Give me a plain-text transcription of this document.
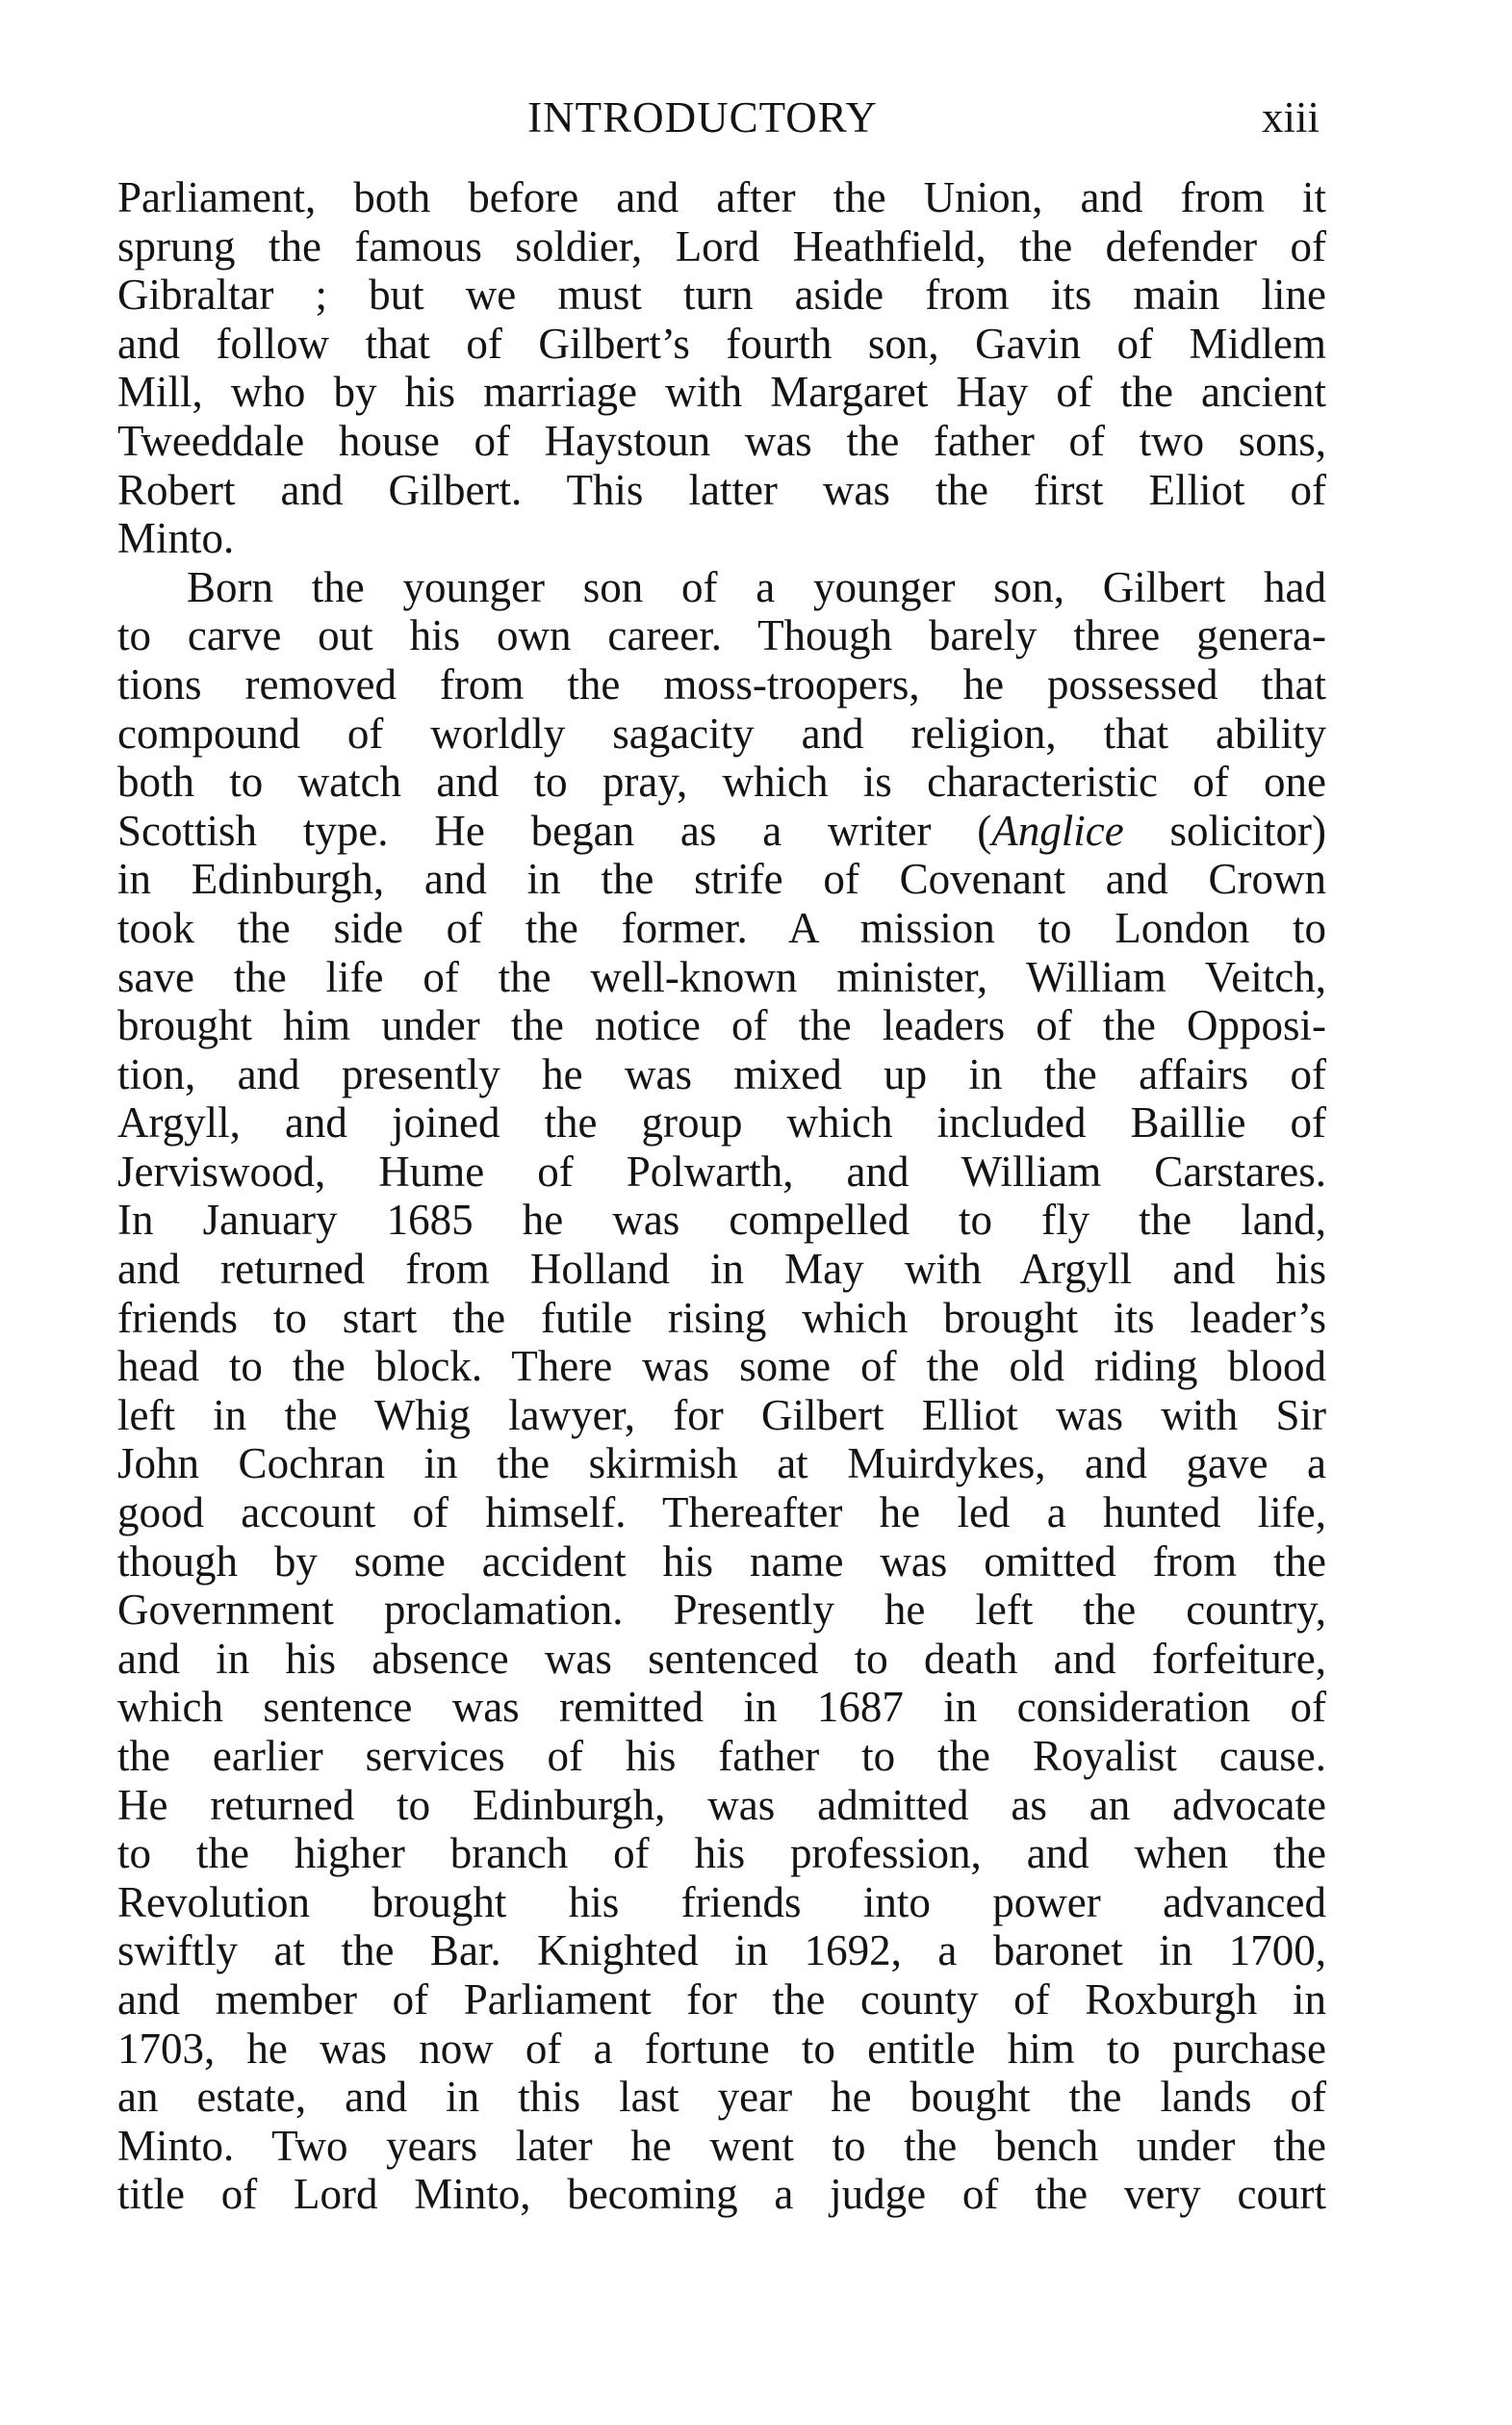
INTRODUCTORY	xiii
Parliament, both before and after the Union, and from it
sprung the famous soldier, Lord Heathfield, the defender of
Gibraltar ; but we must turn aside from its main line
and follow that of Gilbert’s fourth son, Gavin of Midlem
Mill, who by his marriage with Margaret Hay of the ancient
Tweeddale house of Haystoun was the father of two sons,
Robert and Gilbert. This latter was the first Elliot of
Minto.
Born the younger son of a younger son, Gilbert had
to carve out his own career. Though barely three genera-
tions removed from the moss-troopers, he possessed that
compound of worldly sagacity and religion, that ability
both to watch and to pray, which is characteristic of one
Scottish type. He began as a writer (Anglice solicitor)
in Edinburgh, and in the strife of Covenant and Crown
took the side of the former. A mission to London to
save the life of the well-known minister, William Veitch,
brought him under the notice of the leaders of the Opposi-
tion, and presently he was mixed up in the affairs of
Argyll, and joined the group which included Baillie of
Jerviswood, Hume of Polwarth, and William Carstares.
In January 1685 he was compelled to fly the land,
and returned from Holland in May with Argyll and his
friends to start the futile rising which brought its leader’s
head to the block. There was some of the old riding blood
left in the Whig lawyer, for Gilbert Elliot was with Sir
John Cochran in the skirmish at Muirdykes, and gave a
good account of himself. Thereafter he led a hunted life,
though by some accident his name was omitted from the
Government proclamation. Presently he left the country,
and in his absence was sentenced to death and forfeiture,
which sentence was remitted in 1687 in consideration of
the earlier services of his father to the Royalist cause.
He returned to Edinburgh, was admitted as an advocate
to the higher branch of his profession, and when the
Revolution brought his friends into power advanced
swiftly at the Bar. Knighted in 1692, a baronet in 1700,
and member of Parliament for the county of Roxburgh in
1703, he was now of a fortune to entitle him to purchase
an estate, and in this last year he bought the lands of
Minto. Two years later he went to the bench under the
title of Lord Minto, becoming a judge of the very court
